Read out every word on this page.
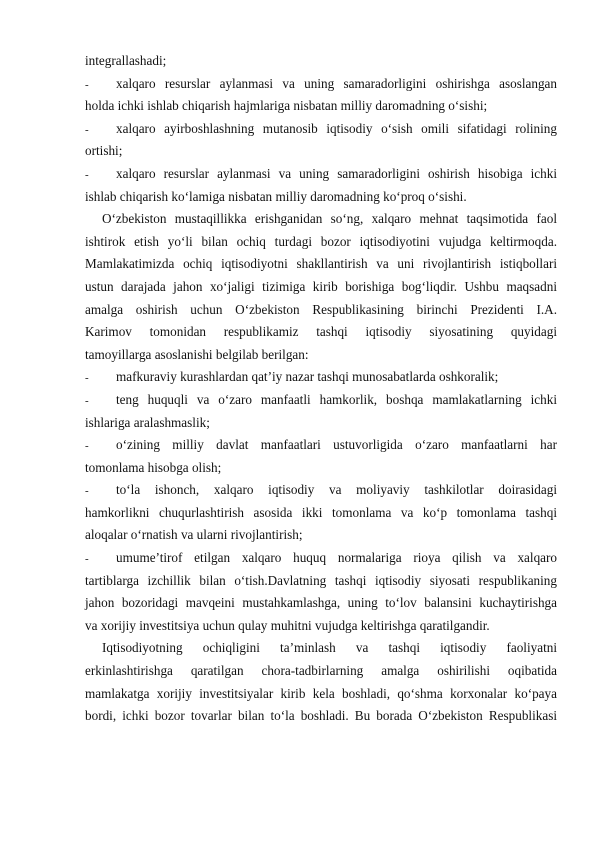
integrallashadi;
-	xalqaro resurslar aylanmasi va uning samaradorligini oshirishga asoslangan
holda ichki ishlab chiqarish hajmlariga nisbatan milliy daromadning o‘sishi;
-	xalqaro ayirboshlashning mutanosib iqtisodiy o‘sish omili sifatidagi rolining
ortishi;
-	xalqaro resurslar aylanmasi va uning samaradorligini oshirish hisobiga ichki
ishlab chiqarish ko‘lamiga nisbatan milliy daromadning ko‘proq o‘sishi.
O‘zbekiston mustaqillikka erishganidan so‘ng, xalqaro mehnat taqsimotida faol
ishtirok etish yo‘li bilan ochiq turdagi bozor iqtisodiyotini vujudga keltirmoqda.
Mamlakatimizda ochiq iqtisodiyotni shakllantirish va uni rivojlantirish istiqbollari
ustun darajada jahon xo‘jaligi tizimiga kirib borishiga bog‘liqdir. Ushbu maqsadni
amalga oshirish uchun O‘zbekiston Respublikasining birinchi Prezidenti I.A.
Karimov tomonidan respublikamiz tashqi iqtisodiy siyosatining quyidagi
tamoyillarga asoslanishi belgilab berilgan:
-	mafkuraviy kurashlardan qat’iy nazar tashqi munosabatlarda oshkoralik;
-	teng huquqli va o‘zaro manfaatli hamkorlik, boshqa mamlakatlarning ichki
ishlariga aralashmaslik;
-	o‘zining milliy davlat manfaatlari ustuvorligida o‘zaro manfaatlarni har
tomonlama hisobga olish;
-	to‘la ishonch, xalqaro iqtisodiy va moliyaviy tashkilotlar doirasidagi
hamkorlikni chuqurlashtirish asosida ikki tomonlama va ko‘p tomonlama tashqi
aloqalar o‘rnatish va ularni rivojlantirish;
-	umume’tirof etilgan xalqaro huquq normalariga rioya qilish va xalqaro
tartiblarga izchillik bilan o‘tish.Davlatning tashqi iqtisodiy siyosati respublikaning
jahon bozoridagi mavqeini mustahkamlashga, uning to‘lov balansini kuchaytirishga
va xorijiy investitsiya uchun qulay muhitni vujudga keltirishga qaratilgandir.
Iqtisodiyotning ochiqligini ta’minlash va tashqi iqtisodiy faoliyatni
erkinlashtirishga qaratilgan chora-tadbirlarning amalga oshirilishi oqibatida
mamlakatga xorijiy investitsiyalar kirib kela boshladi, qo‘shma korxonalar ko‘paya
bordi, ichki bozor tovarlar bilan to‘la boshladi. Bu borada O‘zbekiston Respublikasi
